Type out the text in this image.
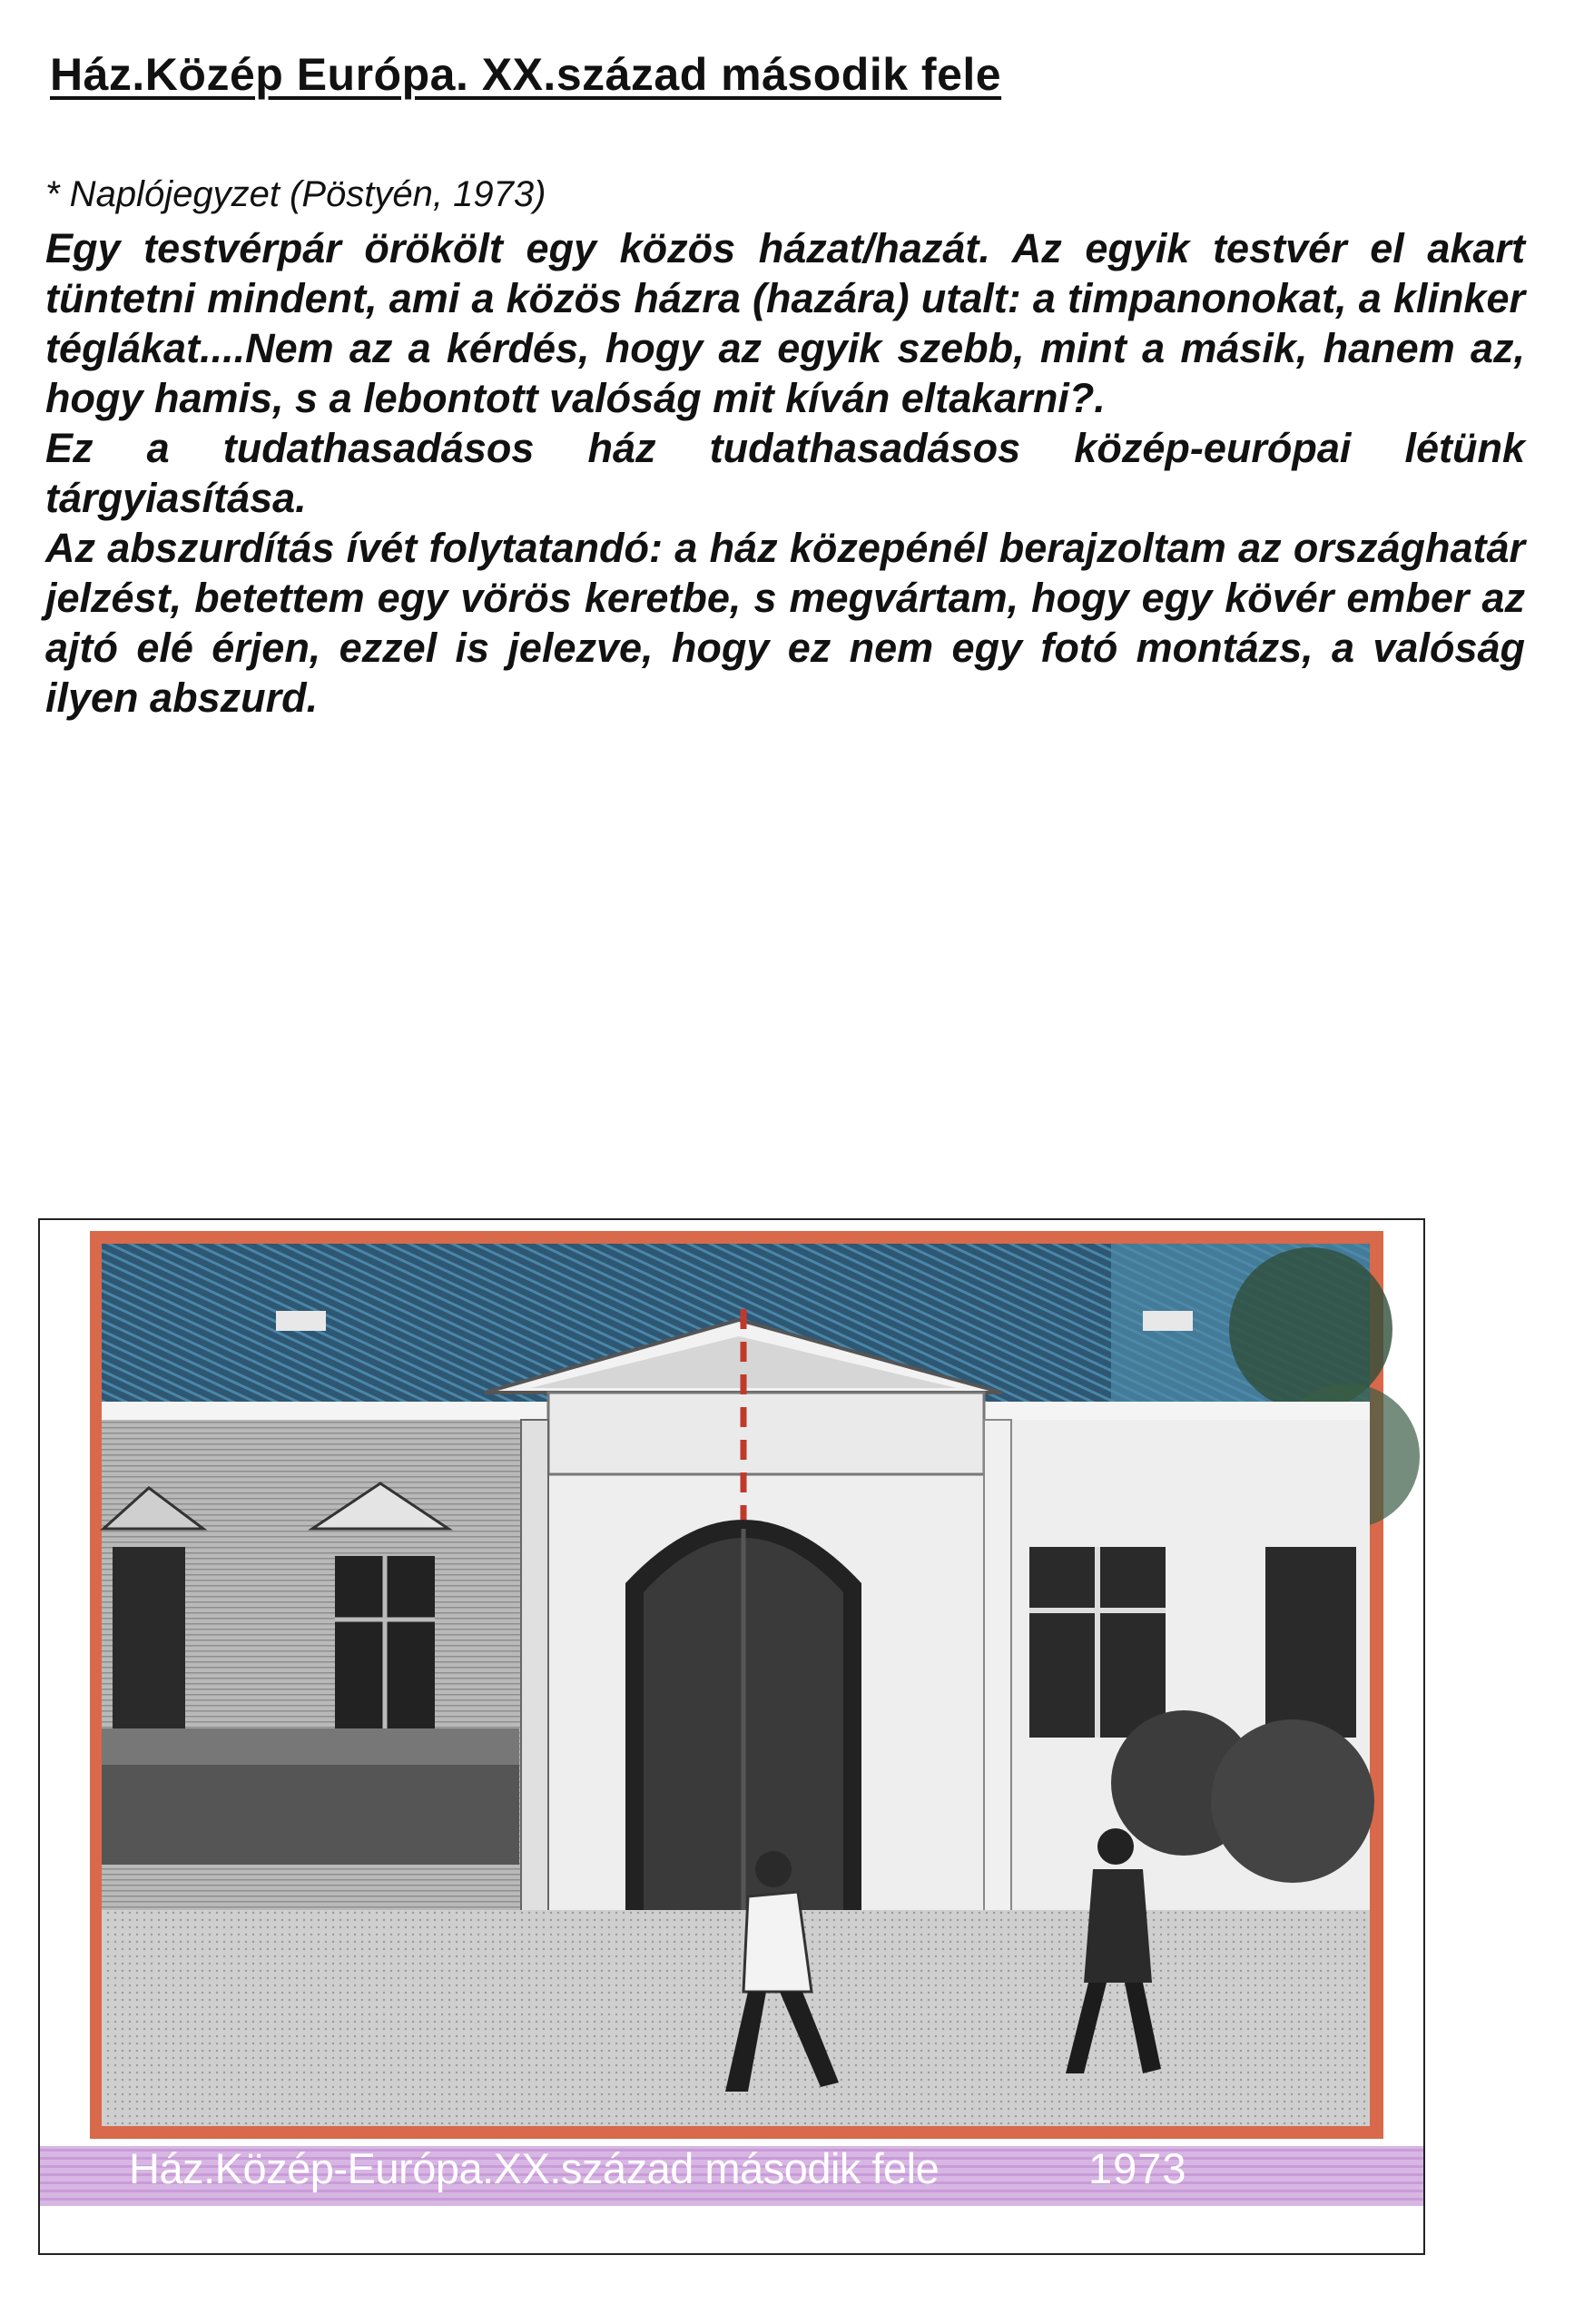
Ház.Közép Európa. XX.század második fele

* Naplójegyzet (Pöstyén, 1973)

Egy testvérpár örökölt egy közös házat/hazát. Az egyik testvér el akart tüntetni mindent, ami a közös házra (hazára) utalt: a timpanonokat, a klinker téglákat....Nem az a kérdés, hogy az egyik szebb, mint a másik, hanem az, hogy hamis, s a lebontott valóság mit kíván eltakarni?.

Ez a tudathasadásos ház tudathasadásos közép-európai létünk tárgyiasítása.

Az abszurdítás ívét folytatandó: a ház közepénél berajzoltam az országhatár jelzést, betettem egy vörös keretbe, s megvártam, hogy egy kövér ember az ajtó elé érjen, ezzel is jelezve, hogy ez nem egy fotó montázs, a valóság ilyen abszurd.

Ház.Közép-Európa.XX.század második fele	1973
